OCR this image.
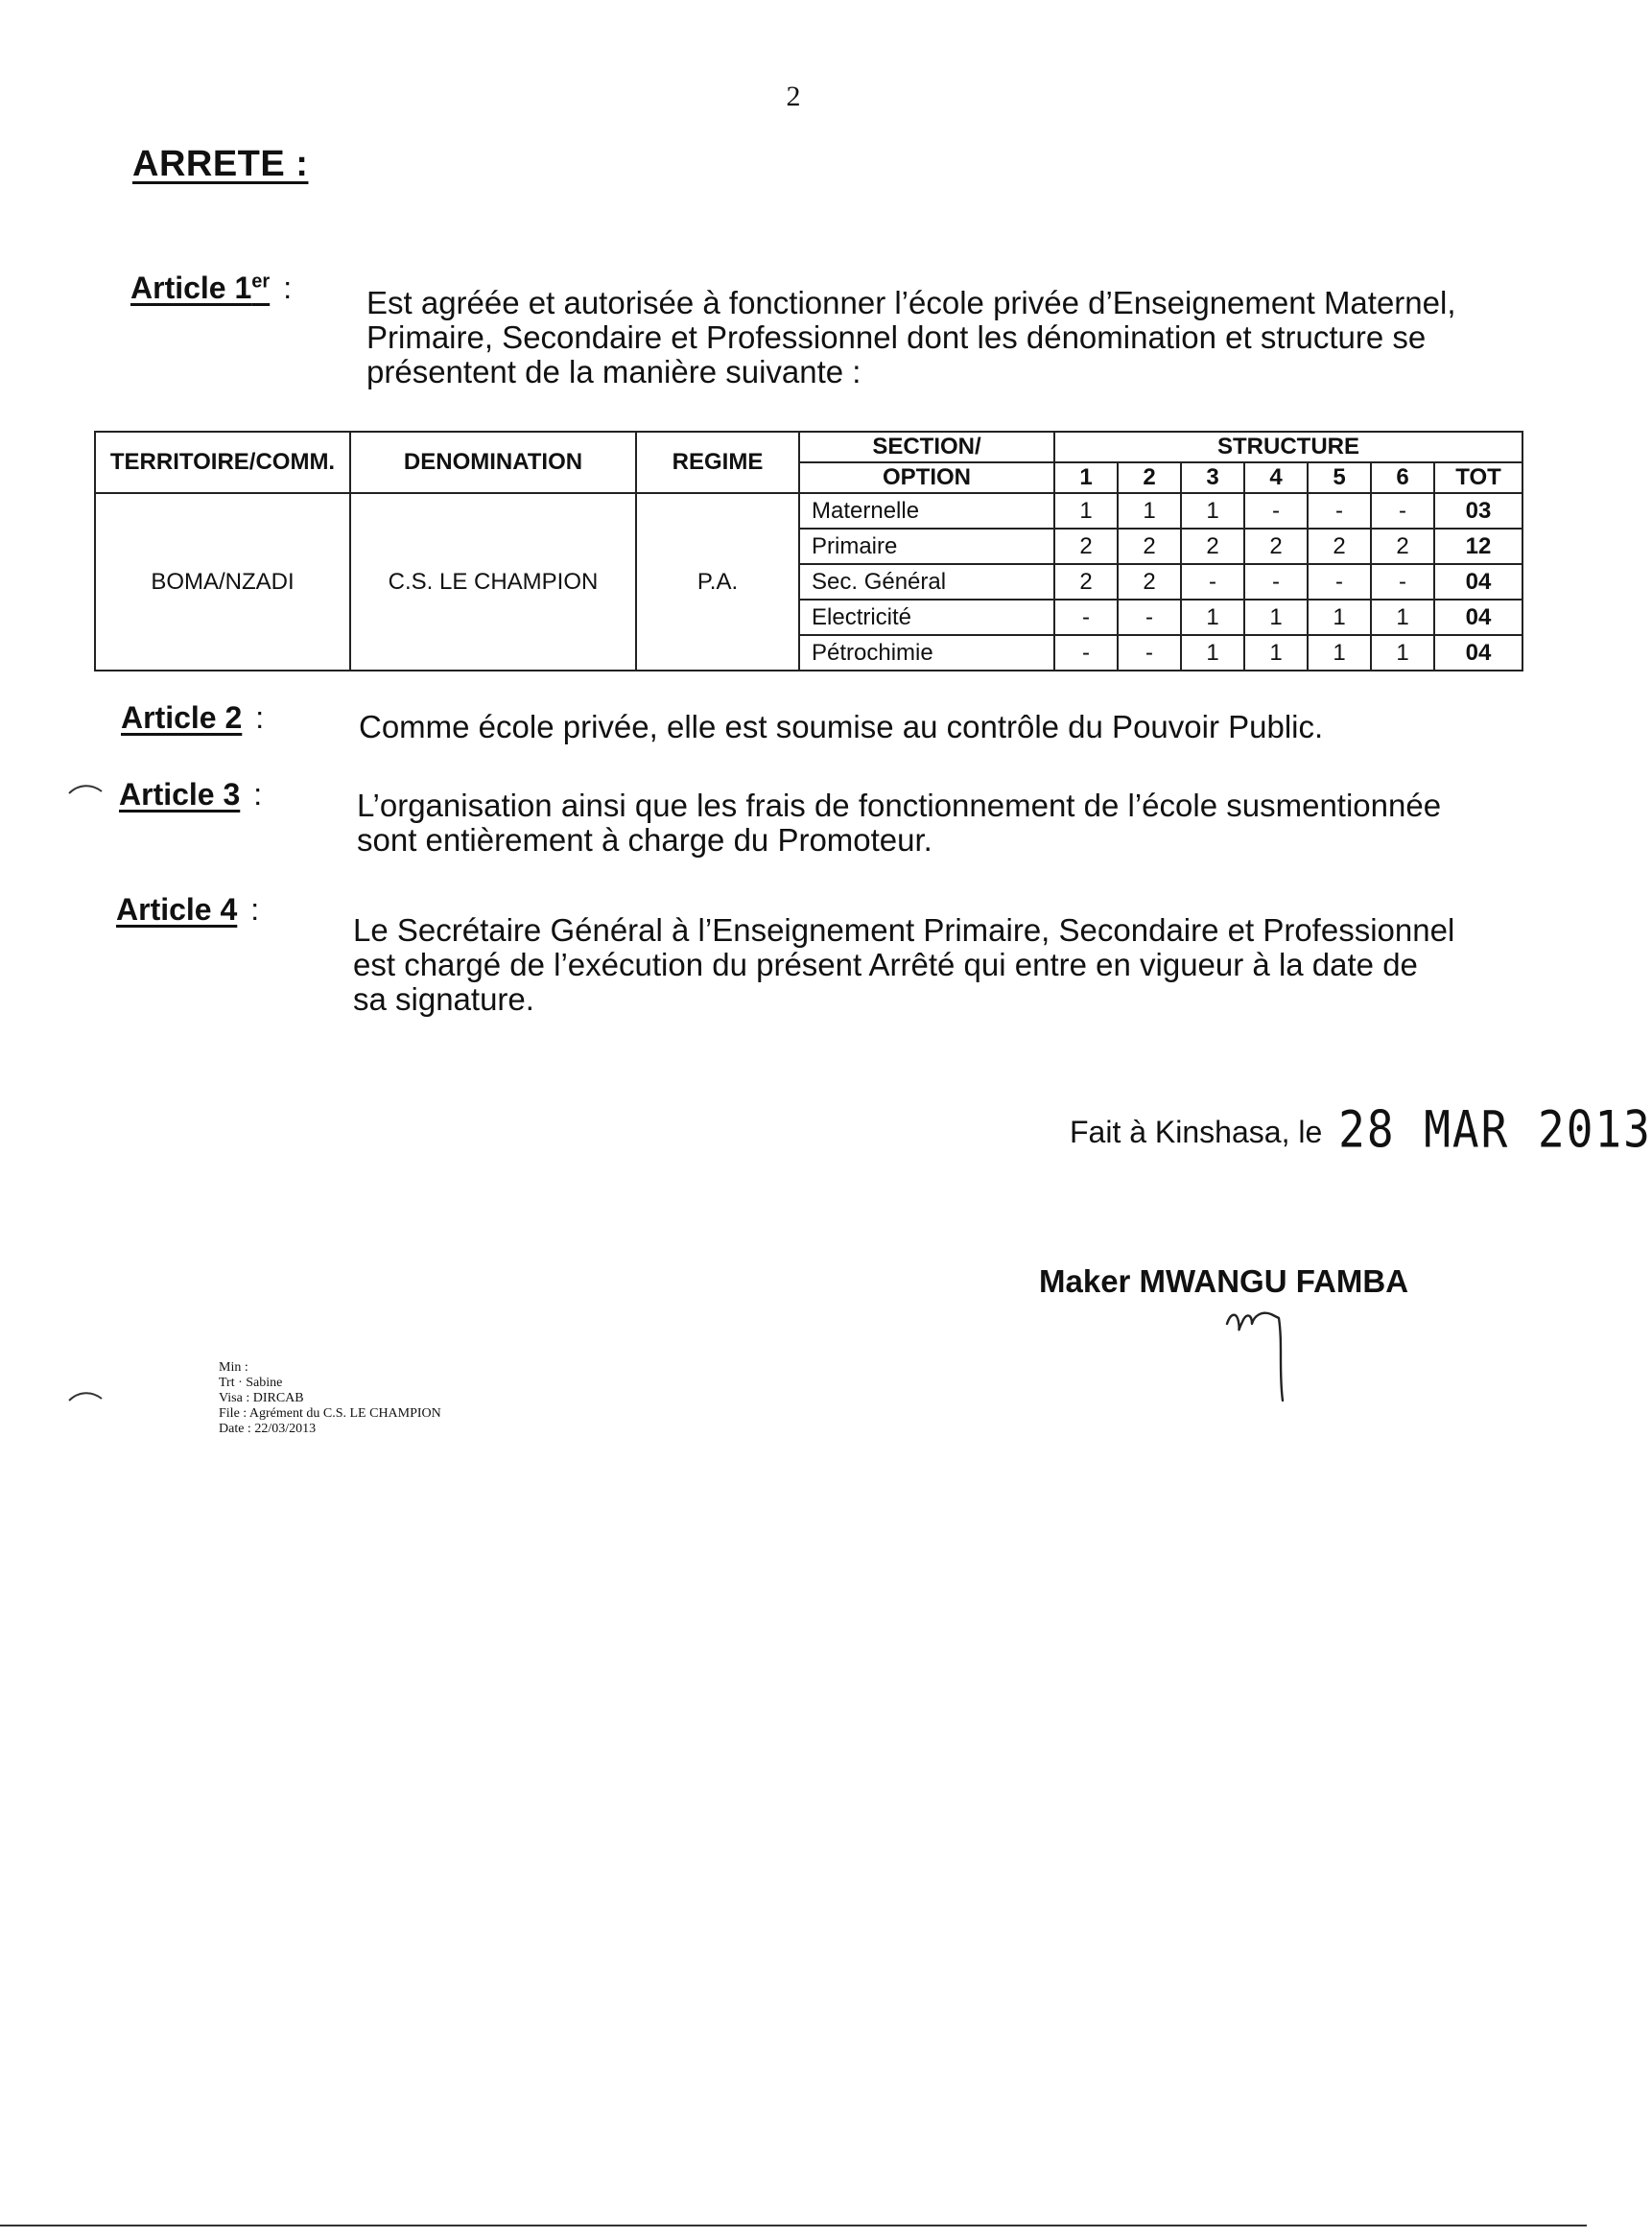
2
ARRETE :
Article 1er : Est agréée et autorisée à fonctionner l’école privée d’Enseignement Maternel,
Primaire, Secondaire et Professionnel dont les dénomination et structure se
présentent de la manière suivante :
TERRITOIRE/COMM.	DENOMINATION	REGIME	SECTION/	STRUCTURE						
			OPTION	1	2	3	4	5	6	TOT
BOMA/NZADI	C.S. LE CHAMPION	P.A.	Maternelle	1	1	1	-	-	-	03
			Primaire	2	2	2	2	2	2	12
			Sec. Général	2	2	-	-	-	-	04
			Electricité	-	-	1	1	1	1	04
			Pétrochimie	-	-	1	1	1	1	04
Article 2 :	Comme école privée, elle est soumise au contrôle du Pouvoir Public.
Article 3 :	L’organisation ainsi que les frais de fonctionnement de l’école susmentionnée
sont entièrement à charge du Promoteur.
Article 4 :
Le Secrétaire Général à l’Enseignement Primaire, Secondaire et Professionnel
est chargé de l’exécution du présent Arrêté qui entre en vigueur à la date de
sa signature.
Fait à Kinshasa, le 28 MAR 2013
Maker MWANGU FAMBA
Min :
Trt · Sabine
Visa : DIRCAB
File : Agrément du C.S. LE CHAMPION
Date : 22/03/2013
